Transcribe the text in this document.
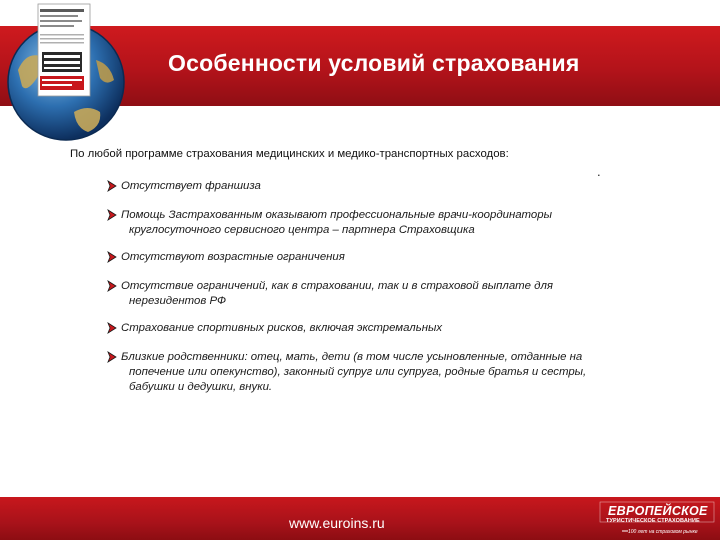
Особенности условий страхования
По любой программе страхования медицинских и медико-транспортных расходов:
.
Отсутствует франшиза
Помощь Застрахованным оказывают профессиональные врачи-координаторы
круглосуточного сервисного центра – партнера Страховщика
Отсутствуют возрастные ограничения
Отсутствие ограничений, как в страховании, так и в страховой выплате для
нерезидентов РФ
Страхование спортивных рисков, включая экстремальных
Близкие родственники: отец, мать, дети (в том числе усыновленные, отданные на
попечение или опекунство), законный супруг или супруга, родные братья и сестры,
бабушки и дедушки, внуки.
www.euroins.ru
ЕВРОПЕЙСКОЕ
ТУРИСТИЧЕСКОЕ СТРАХОВАНИЕ
100 лет на страховом рынке
